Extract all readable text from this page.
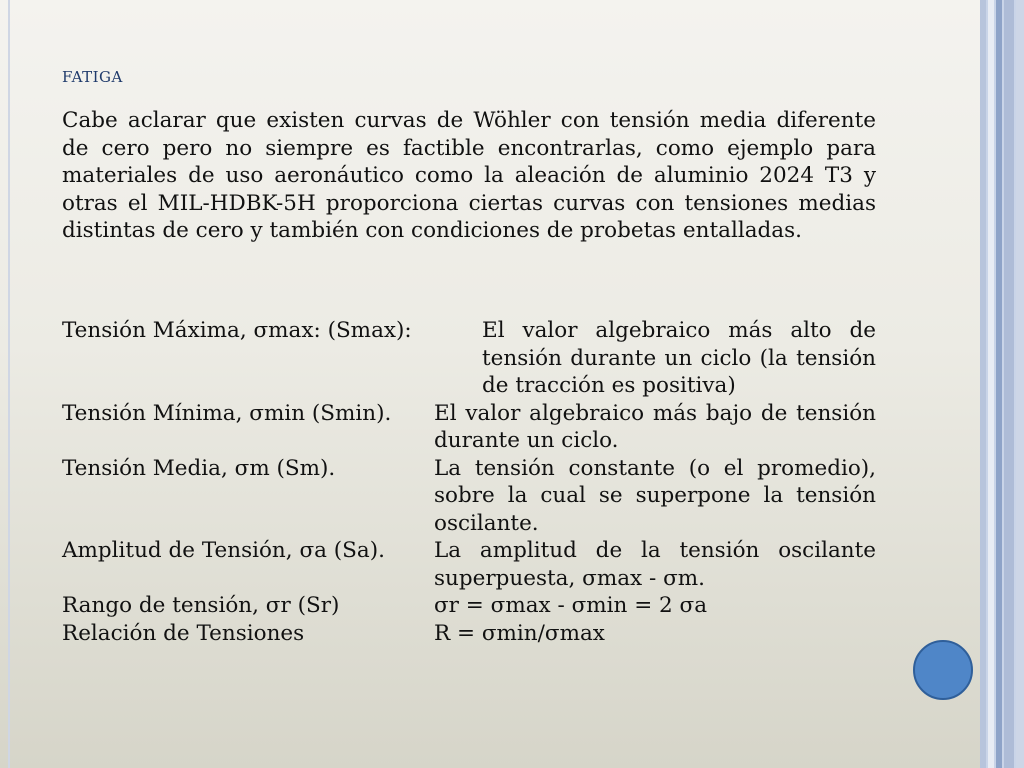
FATIGA

Cabe aclarar que existen curvas de Wöhler con tensión media diferente de cero pero no siempre es factible encontrarlas, como ejemplo para materiales de uso aeronáutico como la aleación de aluminio 2024 T3 y otras el MIL-HDBK-5H proporciona ciertas curvas con tensiones medias distintas de cero y también con condiciones de probetas entalladas.

Tensión Máxima, σmax: (Smax):	El valor algebraico más alto de tensión durante un ciclo (la tensión de tracción es positiva)
Tensión Mínima, σmin (Smin).	El valor algebraico más bajo de tensión durante un ciclo.
Tensión Media, σm (Sm).	La tensión constante (o el promedio), sobre la cual se superpone la tensión oscilante.
Amplitud de Tensión, σa (Sa).	La amplitud de la tensión oscilante superpuesta, σmax - σm.
Rango de tensión, σr (Sr)	σr = σmax - σmin = 2 σa
Relación de Tensiones	R = σmin/σmax
